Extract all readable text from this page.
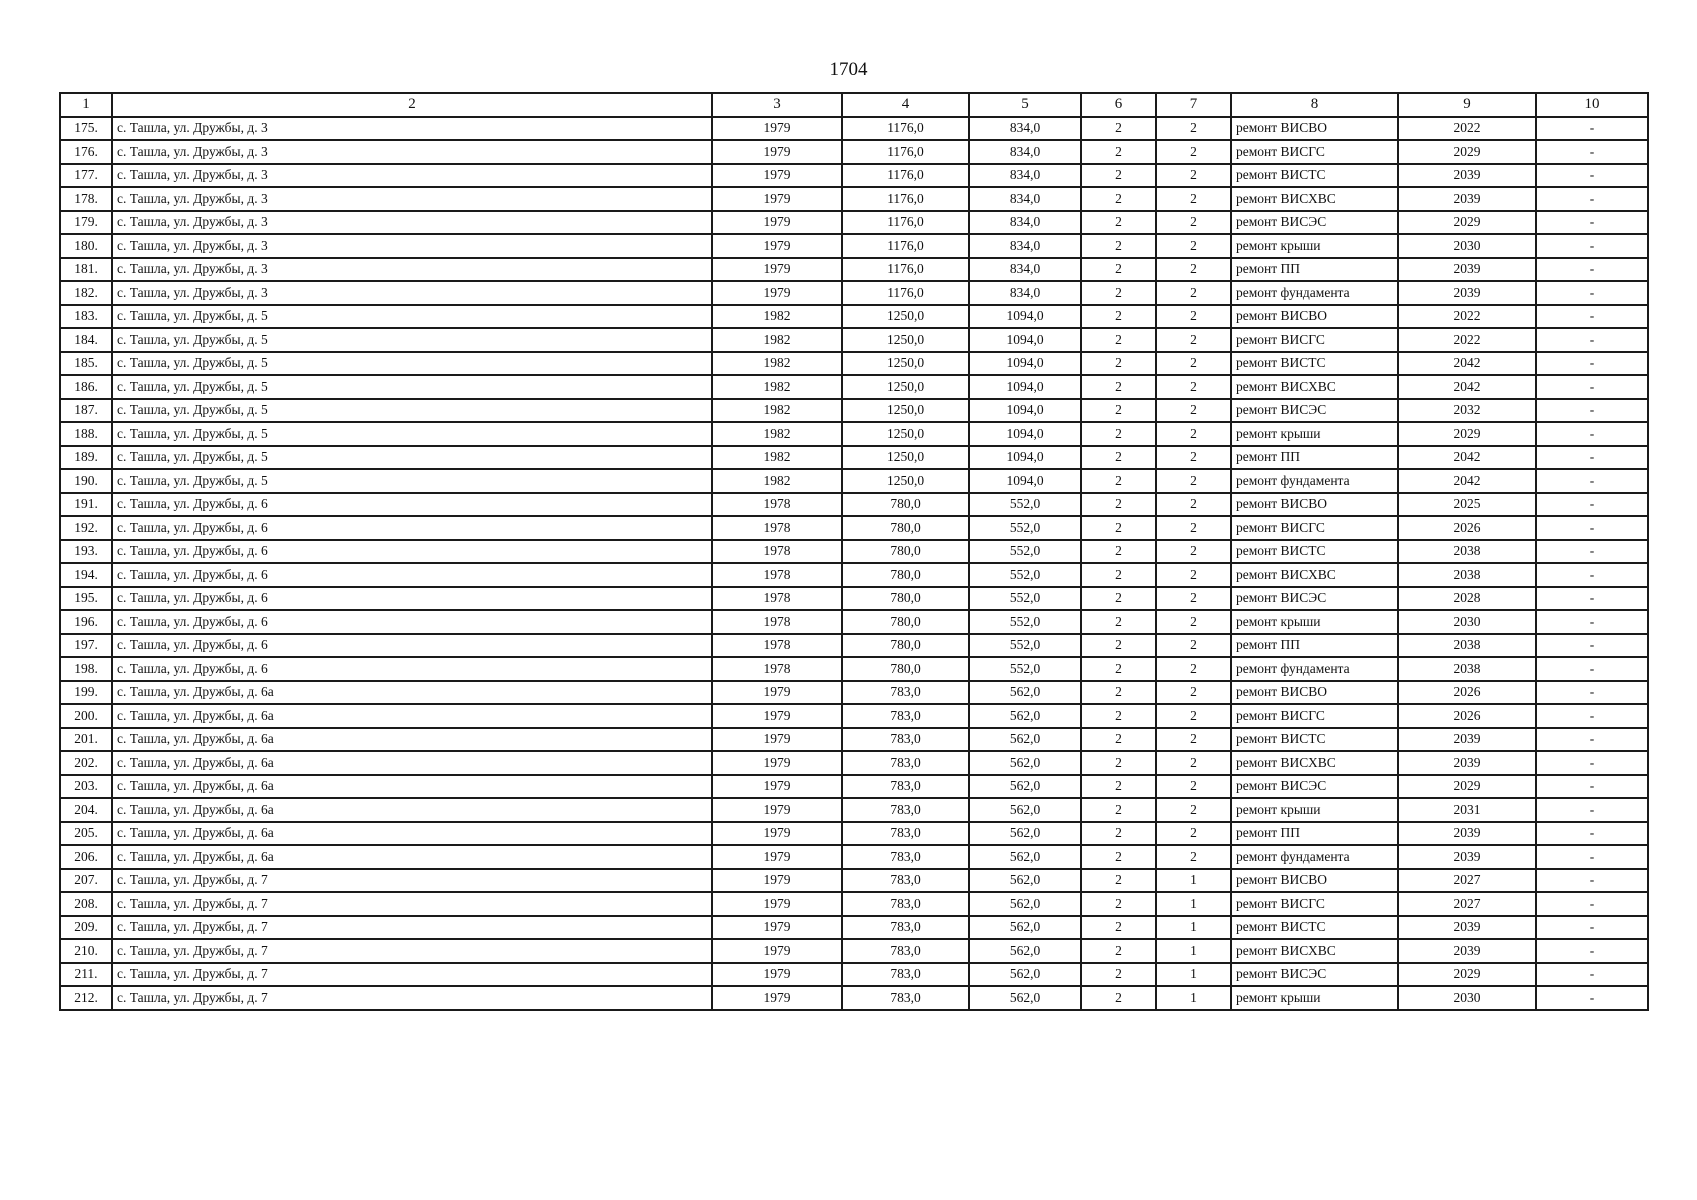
1704
1	2	3	4	5	6	7	8	9	10
175.	с. Ташла, ул. Дружбы, д. 3	1979	1176,0	834,0	2	2	ремонт ВИСВО	2022	-
176.	с. Ташла, ул. Дружбы, д. 3	1979	1176,0	834,0	2	2	ремонт ВИСГС	2029	-
177.	с. Ташла, ул. Дружбы, д. 3	1979	1176,0	834,0	2	2	ремонт ВИСТС	2039	-
178.	с. Ташла, ул. Дружбы, д. 3	1979	1176,0	834,0	2	2	ремонт ВИСХВС	2039	-
179.	с. Ташла, ул. Дружбы, д. 3	1979	1176,0	834,0	2	2	ремонт ВИСЭС	2029	-
180.	с. Ташла, ул. Дружбы, д. 3	1979	1176,0	834,0	2	2	ремонт крыши	2030	-
181.	с. Ташла, ул. Дружбы, д. 3	1979	1176,0	834,0	2	2	ремонт ПП	2039	-
182.	с. Ташла, ул. Дружбы, д. 3	1979	1176,0	834,0	2	2	ремонт фундамента	2039	-
183.	с. Ташла, ул. Дружбы, д. 5	1982	1250,0	1094,0	2	2	ремонт ВИСВО	2022	-
184.	с. Ташла, ул. Дружбы, д. 5	1982	1250,0	1094,0	2	2	ремонт ВИСГС	2022	-
185.	с. Ташла, ул. Дружбы, д. 5	1982	1250,0	1094,0	2	2	ремонт ВИСТС	2042	-
186.	с. Ташла, ул. Дружбы, д. 5	1982	1250,0	1094,0	2	2	ремонт ВИСХВС	2042	-
187.	с. Ташла, ул. Дружбы, д. 5	1982	1250,0	1094,0	2	2	ремонт ВИСЭС	2032	-
188.	с. Ташла, ул. Дружбы, д. 5	1982	1250,0	1094,0	2	2	ремонт крыши	2029	-
189.	с. Ташла, ул. Дружбы, д. 5	1982	1250,0	1094,0	2	2	ремонт ПП	2042	-
190.	с. Ташла, ул. Дружбы, д. 5	1982	1250,0	1094,0	2	2	ремонт фундамента	2042	-
191.	с. Ташла, ул. Дружбы, д. 6	1978	780,0	552,0	2	2	ремонт ВИСВО	2025	-
192.	с. Ташла, ул. Дружбы, д. 6	1978	780,0	552,0	2	2	ремонт ВИСГС	2026	-
193.	с. Ташла, ул. Дружбы, д. 6	1978	780,0	552,0	2	2	ремонт ВИСТС	2038	-
194.	с. Ташла, ул. Дружбы, д. 6	1978	780,0	552,0	2	2	ремонт ВИСХВС	2038	-
195.	с. Ташла, ул. Дружбы, д. 6	1978	780,0	552,0	2	2	ремонт ВИСЭС	2028	-
196.	с. Ташла, ул. Дружбы, д. 6	1978	780,0	552,0	2	2	ремонт крыши	2030	-
197.	с. Ташла, ул. Дружбы, д. 6	1978	780,0	552,0	2	2	ремонт ПП	2038	-
198.	с. Ташла, ул. Дружбы, д. 6	1978	780,0	552,0	2	2	ремонт фундамента	2038	-
199.	с. Ташла, ул. Дружбы, д. 6а	1979	783,0	562,0	2	2	ремонт ВИСВО	2026	-
200.	с. Ташла, ул. Дружбы, д. 6а	1979	783,0	562,0	2	2	ремонт ВИСГС	2026	-
201.	с. Ташла, ул. Дружбы, д. 6а	1979	783,0	562,0	2	2	ремонт ВИСТС	2039	-
202.	с. Ташла, ул. Дружбы, д. 6а	1979	783,0	562,0	2	2	ремонт ВИСХВС	2039	-
203.	с. Ташла, ул. Дружбы, д. 6а	1979	783,0	562,0	2	2	ремонт ВИСЭС	2029	-
204.	с. Ташла, ул. Дружбы, д. 6а	1979	783,0	562,0	2	2	ремонт крыши	2031	-
205.	с. Ташла, ул. Дружбы, д. 6а	1979	783,0	562,0	2	2	ремонт ПП	2039	-
206.	с. Ташла, ул. Дружбы, д. 6а	1979	783,0	562,0	2	2	ремонт фундамента	2039	-
207.	с. Ташла, ул. Дружбы, д. 7	1979	783,0	562,0	2	1	ремонт ВИСВО	2027	-
208.	с. Ташла, ул. Дружбы, д. 7	1979	783,0	562,0	2	1	ремонт ВИСГС	2027	-
209.	с. Ташла, ул. Дружбы, д. 7	1979	783,0	562,0	2	1	ремонт ВИСТС	2039	-
210.	с. Ташла, ул. Дружбы, д. 7	1979	783,0	562,0	2	1	ремонт ВИСХВС	2039	-
211.	с. Ташла, ул. Дружбы, д. 7	1979	783,0	562,0	2	1	ремонт ВИСЭС	2029	-
212.	с. Ташла, ул. Дружбы, д. 7	1979	783,0	562,0	2	1	ремонт крыши	2030	-
